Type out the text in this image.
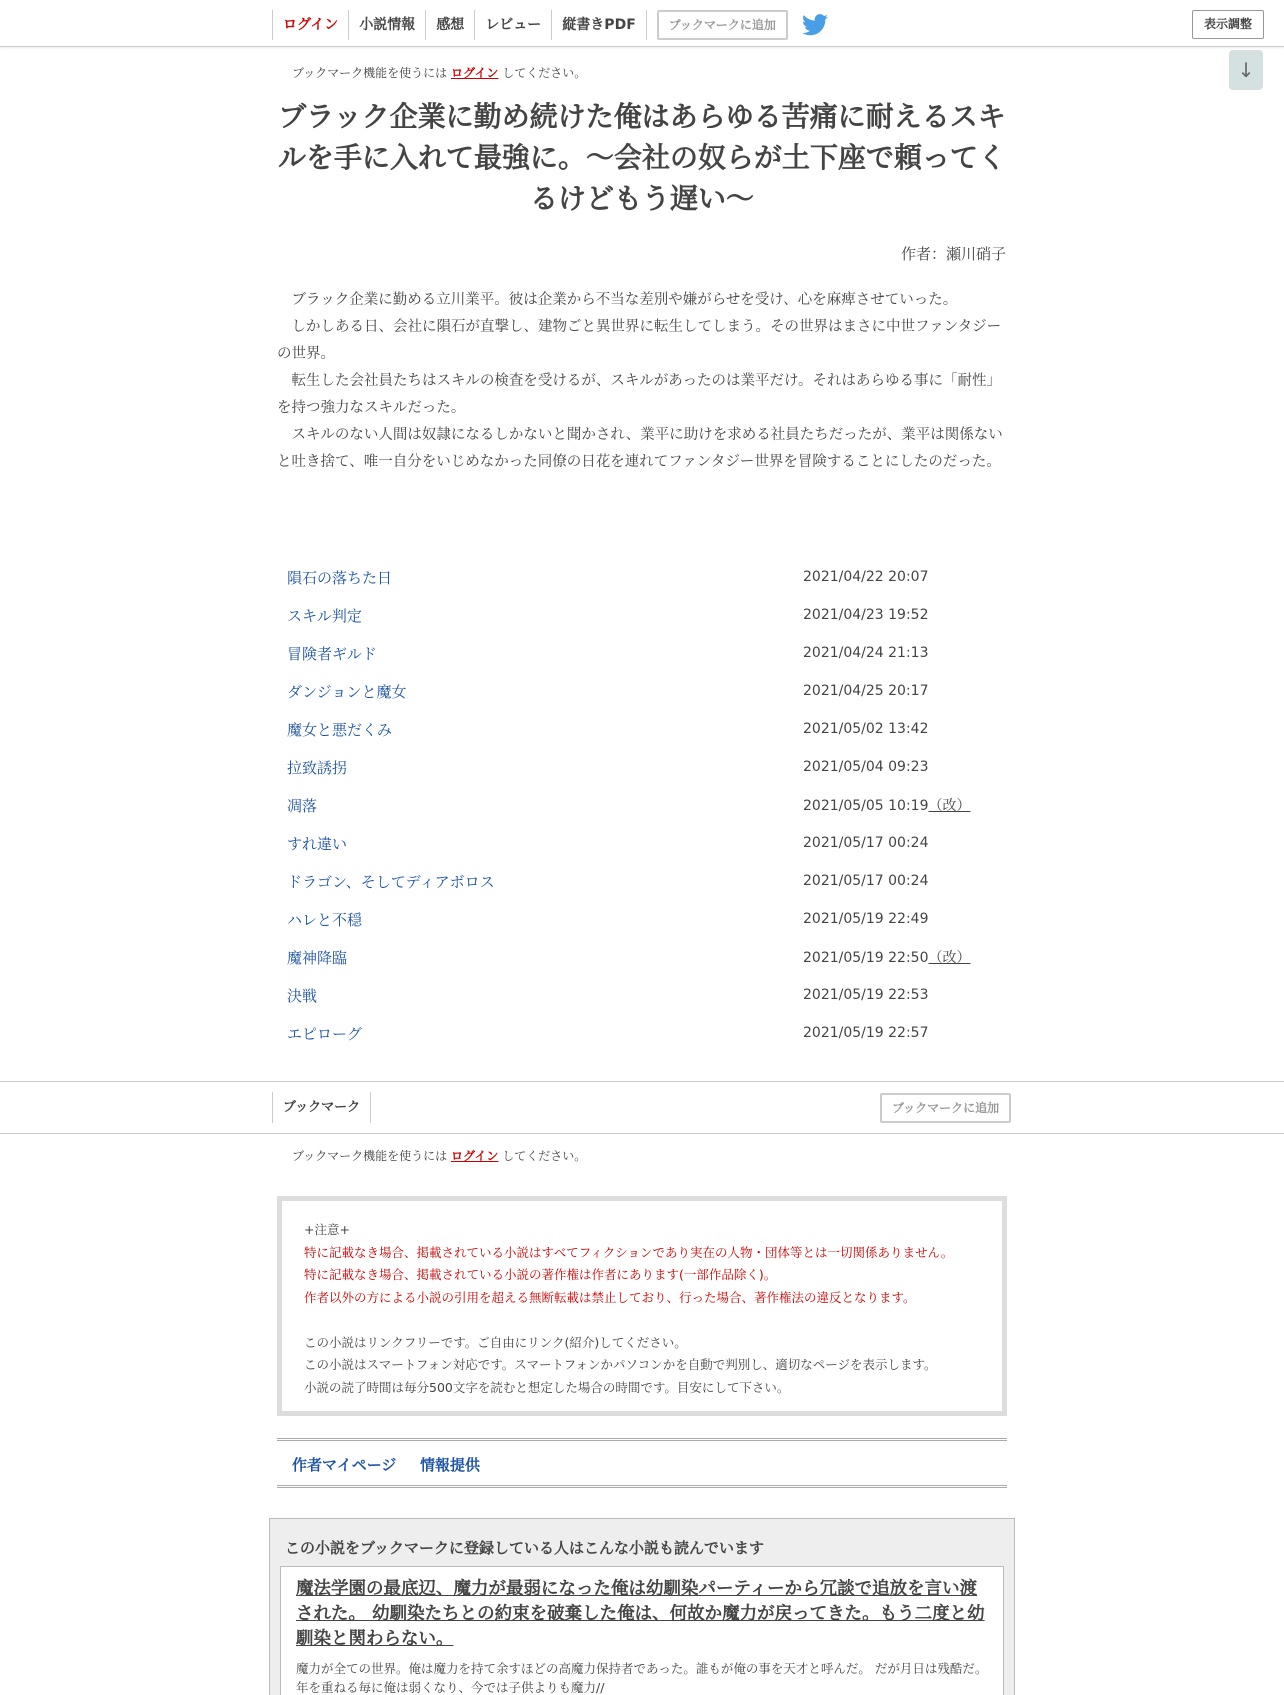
ログイン	小説情報	感想	レビュー	縦書きPDF	ブックマークに追加	表示調整
↓
ブックマーク機能を使うには ログイン してください。
ブラック企業に勤め続けた俺はあらゆる苦痛に耐えるスキルを手に入れて最強に。〜会社の奴らが土下座で頼ってくるけどもう遅い〜
作者：瀬川硝子

ブラック企業に勤める立川業平。彼は企業から不当な差別や嫌がらせを受け、心を麻痺させていった。

しかしある日、会社に隕石が直撃し、建物ごと異世界に転生してしまう。その世界はまさに中世ファンタジーの世界。

転生した会社員たちはスキルの検査を受けるが、スキルがあったのは業平だけ。それはあらゆる事に「耐性」を持つ強力なスキルだった。

スキルのない人間は奴隷になるしかないと聞かされ、業平に助けを求める社員たちだったが、業平は関係ないと吐き捨て、唯一自分をいじめなかった同僚の日花を連れてファンタジー世界を冒険することにしたのだった。

隕石の落ちた日	2021/04/22 20:07
スキル判定	2021/04/23 19:52
冒険者ギルド	2021/04/24 21:13
ダンジョンと魔女	2021/04/25 20:17
魔女と悪だくみ	2021/05/02 13:42
拉致誘拐	2021/05/04 09:23
凋落	2021/05/05 10:19（改）
すれ違い	2021/05/17 00:24
ドラゴン、そしてディアボロス	2021/05/17 00:24
ハレと不穏	2021/05/19 22:49
魔神降臨	2021/05/19 22:50（改）
決戦	2021/05/19 22:53
エピローグ	2021/05/19 22:57
ブックマーク	ブックマークに追加
ブックマーク機能を使うには ログイン してください。
+注意+
特に記載なき場合、掲載されている小説はすべてフィクションであり実在の人物・団体等とは一切関係ありません。
特に記載なき場合、掲載されている小説の著作権は作者にあります(一部作品除く)。
作者以外の方による小説の引用を超える無断転載は禁止しており、行った場合、著作権法の違反となります。
この小説はリンクフリーです。ご自由にリンク(紹介)してください。
この小説はスマートフォン対応です。スマートフォンかパソコンかを自動で判別し、適切なページを表示します。
小説の読了時間は毎分500文字を読むと想定した場合の時間です。目安にして下さい。
作者マイページ 情報提供
この小説をブックマークに登録している人はこんな小説も読んでいます
魔法学園の最底辺、魔力が最弱になった俺は幼馴染パーティーから冗談で追放を言い渡された。 幼馴染たちとの約束を破棄した俺は、何故か魔力が戻ってきた。もう二度と幼馴染と関わらない。
魔力が全ての世界。俺は魔力を持て余すほどの高魔力保持者であった。誰もが俺の事を天才と呼んだ。 だが月日は残酷だ。年を重ねる毎に俺は弱くなり、今では子供よりも魔力//
